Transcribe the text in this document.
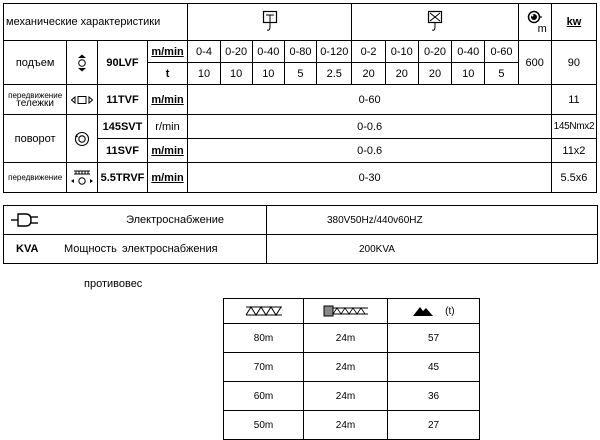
механические характеристики														m	kw
подъем		90LVF	m/min	0-4	0-20	0-40	0-80	0-120	0-2	0-10	0-20	0-40	0-60	600	90
			t	10	10	10	5	2.5	20	20	20	10	5		
передвижение
тележки		11TVF	m/min	0-60											11
поворот		145SVT	r/min	0-0.6											145Nmx2
		11SVF	m/min	0-0.6											11x2
передвижение		5.5TRVF	m/min	0-30											5.5x6
Электроснабжение	380V50Hz/440v60HZ
KVA Мощность электроснабжения	200KVA
противовес
		(t)
80m	24m	57
70m	24m	45
60m	24m	36
50m	24m	27
